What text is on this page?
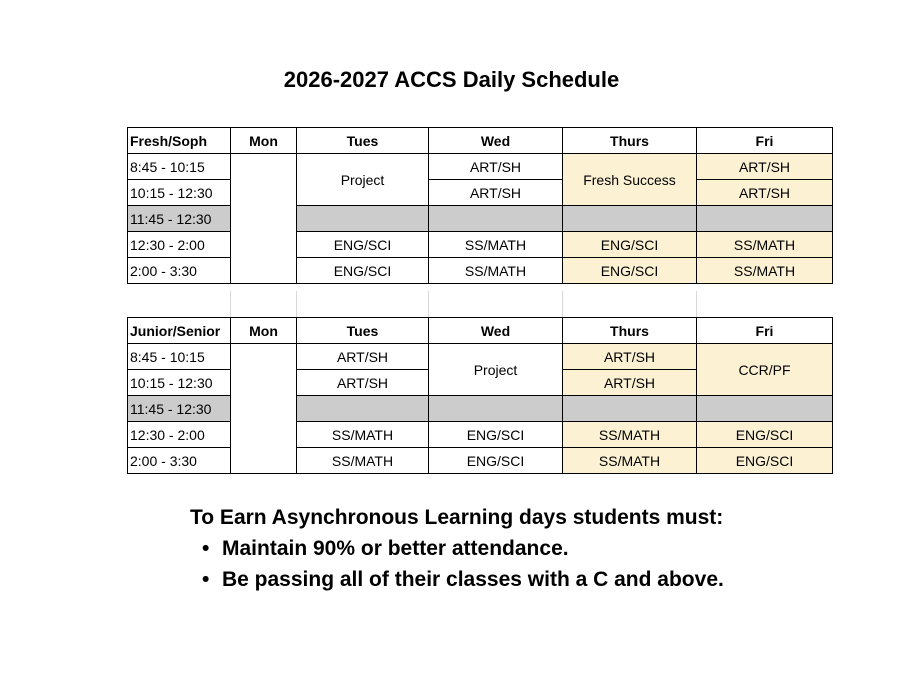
2026-2027 ACCS Daily Schedule
Fresh/Soph	Mon	Tues	Wed	Thurs	Fri
8:45 - 10:15		Project	ART/SH	Fresh Success	ART/SH
10:15 - 12:30			ART/SH		ART/SH
11:45 - 12:30					
12:30 - 2:00		ENG/SCI	SS/MATH	ENG/SCI	SS/MATH
2:00 - 3:30		ENG/SCI	SS/MATH	ENG/SCI	SS/MATH
Junior/Senior	Mon	Tues	Wed	Thurs	Fri
8:45 - 10:15		ART/SH	Project	ART/SH	CCR/PF
10:15 - 12:30		ART/SH		ART/SH	
11:45 - 12:30					
12:30 - 2:00		SS/MATH	ENG/SCI	SS/MATH	ENG/SCI
2:00 - 3:30		SS/MATH	ENG/SCI	SS/MATH	ENG/SCI
To Earn Asynchronous Learning days students must:
• Maintain 90% or better attendance.
• Be passing all of their classes with a C and above.
